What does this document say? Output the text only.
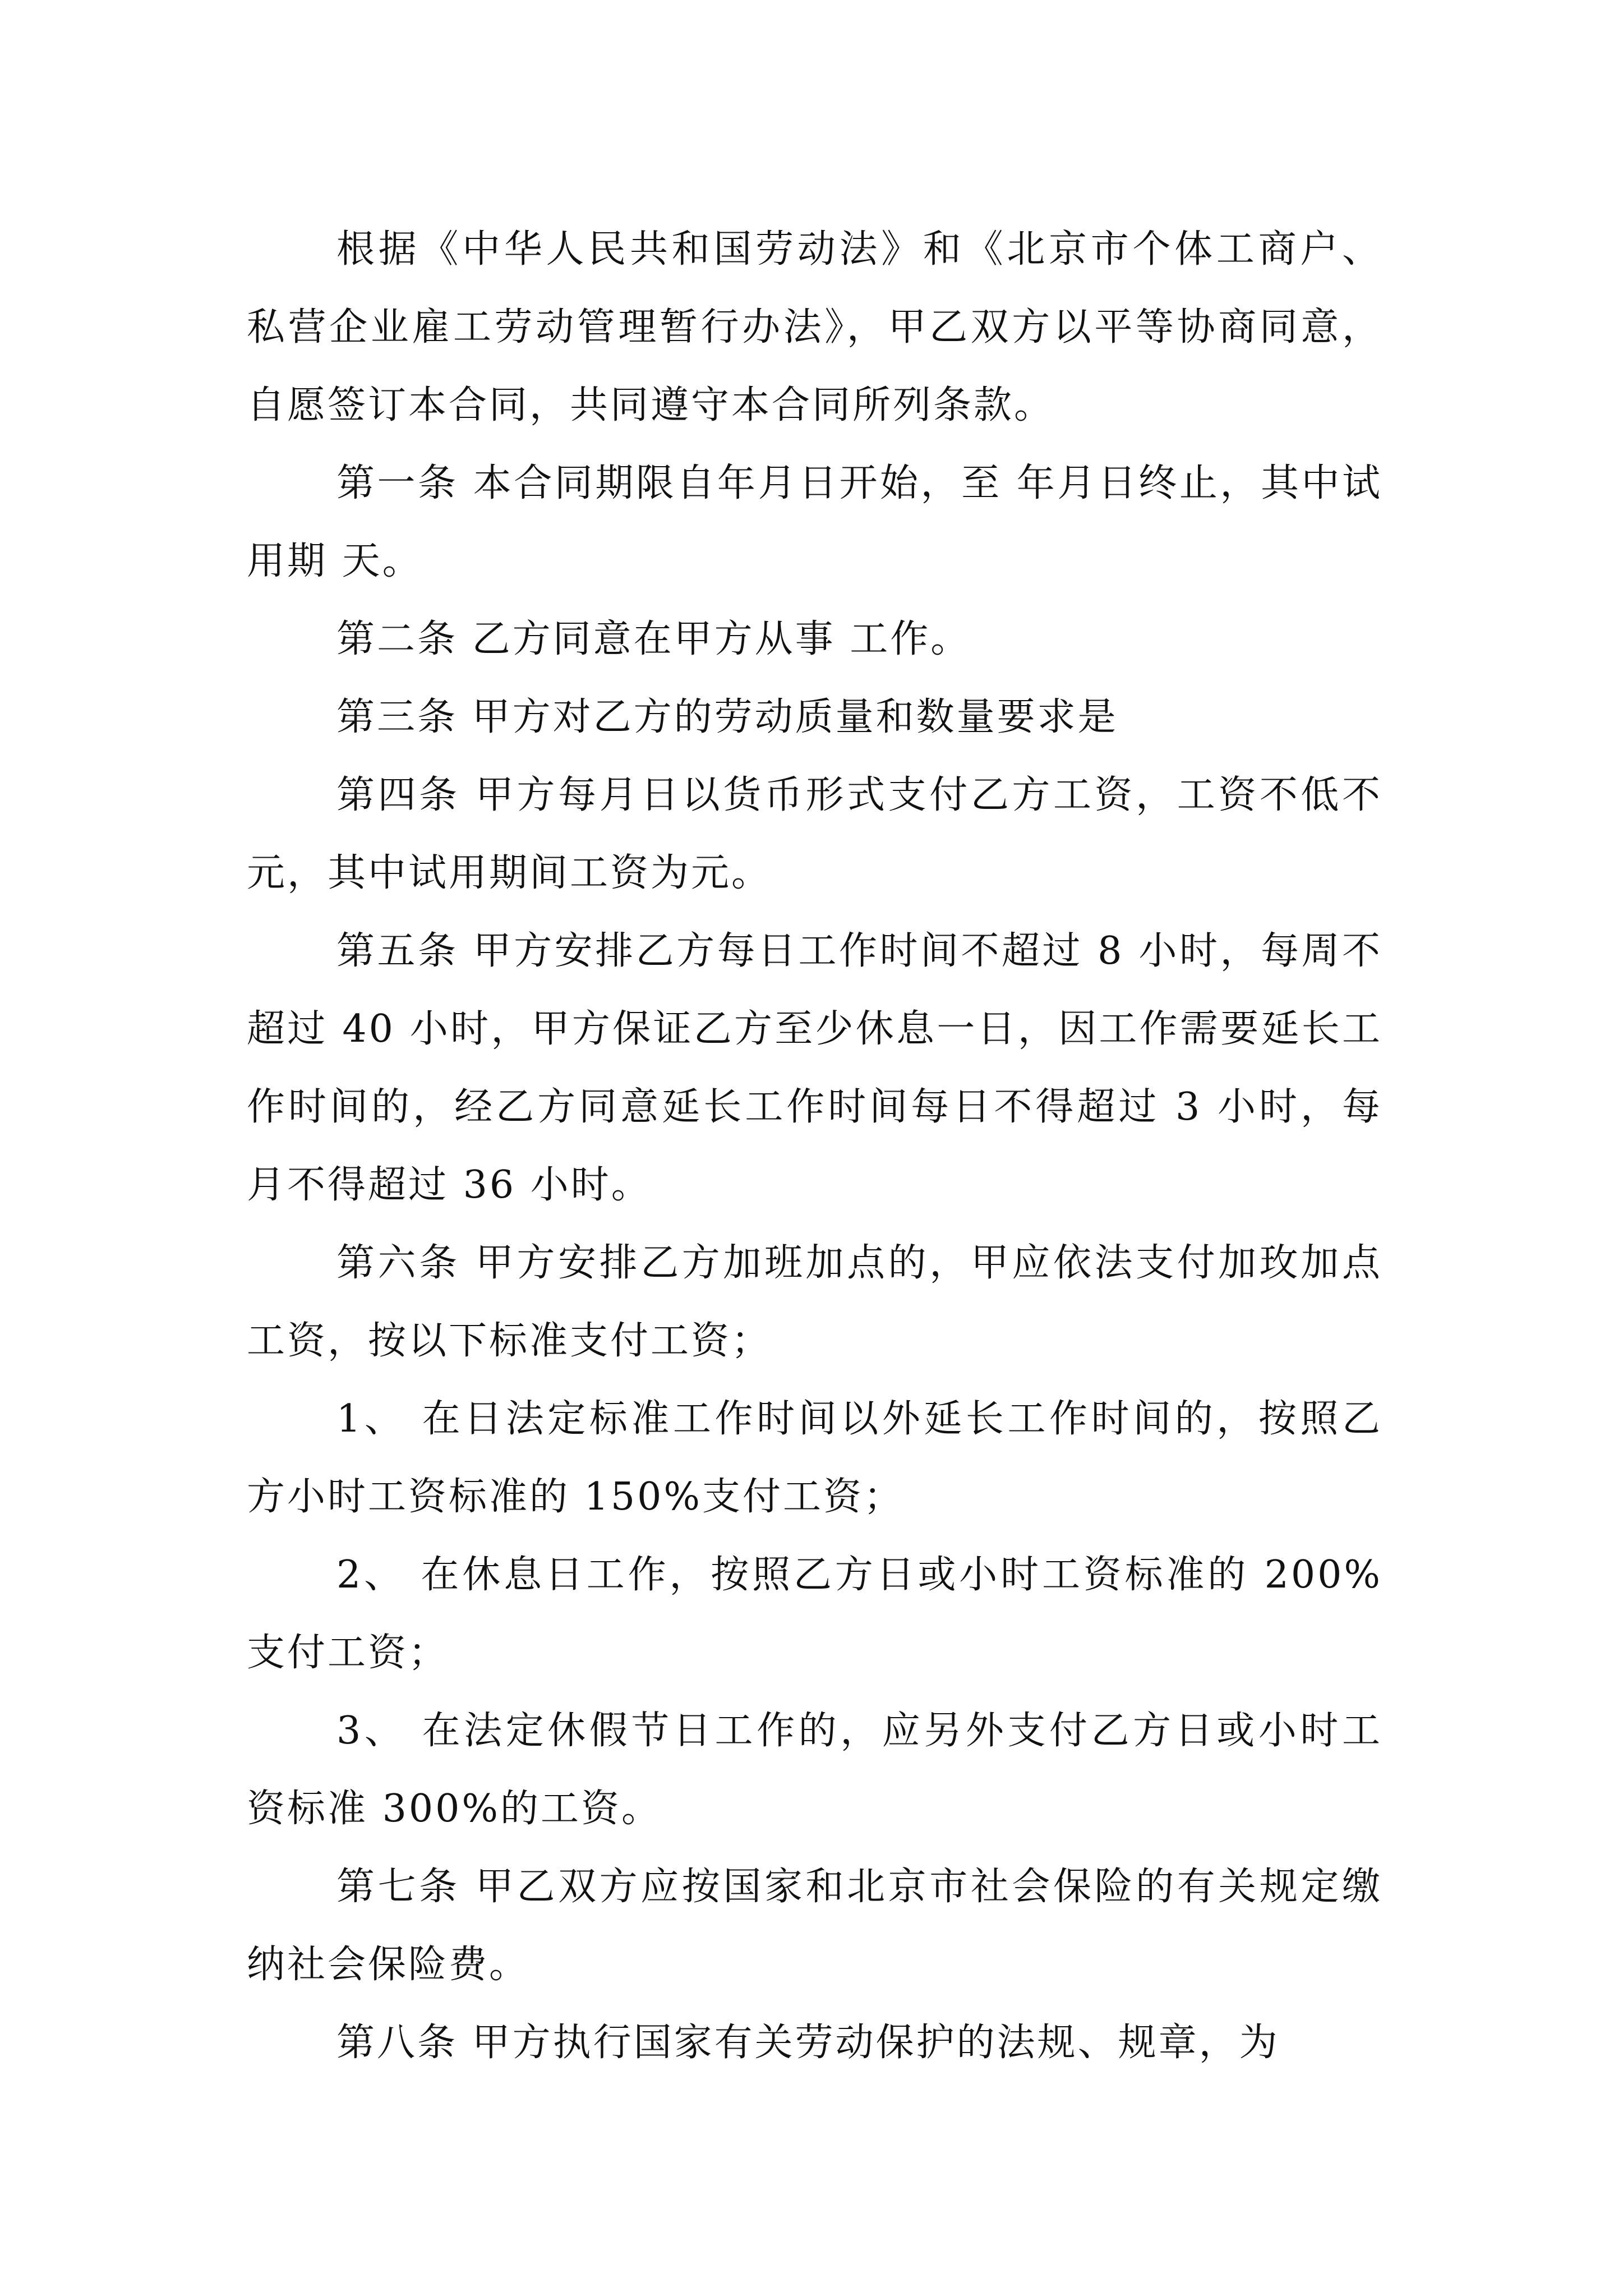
根据《中华人民共和国劳动法》和《北京市个体工商户、私营企业雇工劳动管理暂行办法》，甲乙双方以平等协商同意，自愿签订本合同，共同遵守本合同所列条款。

第一条 本合同期限自年月日开始，至 年月日终止，其中试用期 天。

第二条 乙方同意在甲方从事 工作。

第三条 甲方对乙方的劳动质量和数量要求是

第四条 甲方每月日以货币形式支付乙方工资，工资不低不元，其中试用期间工资为元。

第五条 甲方安排乙方每日工作时间不超过 8 小时，每周不超过 40 小时，甲方保证乙方至少休息一日，因工作需要延长工作时间的，经乙方同意延长工作时间每日不得超过 3 小时，每月不得超过 36 小时。

第六条 甲方安排乙方加班加点的，甲应依法支付加玫加点工资，按以下标准支付工资；

1、 在日法定标准工作时间以外延长工作时间的，按照乙方小时工资标准的 150%支付工资；

2、 在休息日工作，按照乙方日或小时工资标准的 200%支付工资；

3、 在法定休假节日工作的，应另外支付乙方日或小时工资标准 300%的工资。

第七条 甲乙双方应按国家和北京市社会保险的有关规定缴纳社会保险费。

第八条 甲方执行国家有关劳动保护的法规、规章，为
